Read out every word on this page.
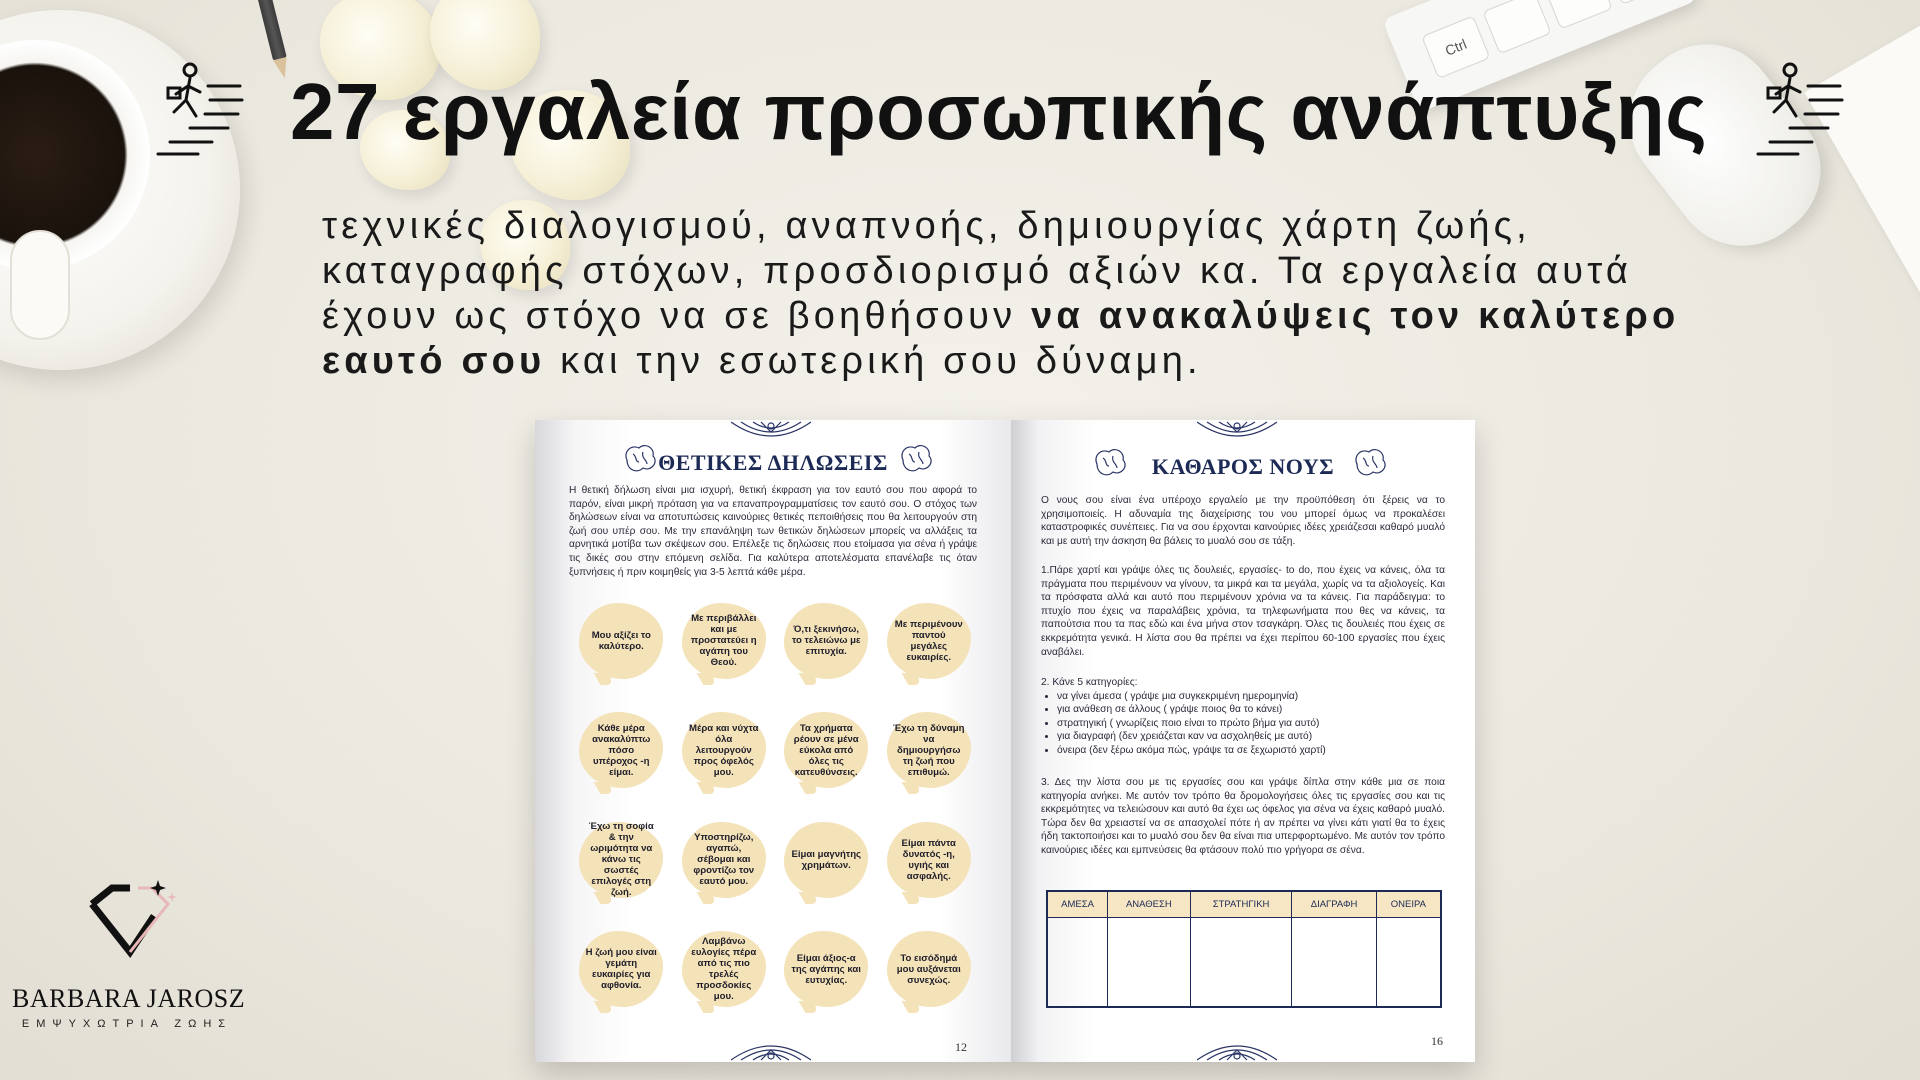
Ctrl
27 εργαλεία προσωπικής ανάπτυξης

τεχνικές διαλογισμού, αναπνοής, δημιουργίας χάρτη ζωής, καταγραφής στόχων, προσδιορισμό αξιών κα. Τα εργαλεία αυτά έχουν ως στόχο να σε βοηθήσουν να ανακαλύψεις τον καλύτερο εαυτό σου και την εσωτερική σου δύναμη.

ΘΕΤΙΚΕΣ ΔΗΛΩΣΕΙΣ
Η θετική δήλωση είναι μια ισχυρή, θετική έκφραση για τον εαυτό σου που αφορά το παρόν, είναι μικρή πρόταση για να επαναπρογραμματίσεις τον εαυτό σου. Ο στόχος των δηλώσεων είναι να αποτυπώσεις καινούριες θετικές πεποιθήσεις που θα λειτουργούν στη ζωή σου υπέρ σου. Με την επανάληψη των θετικών δηλώσεων μπορείς να αλλάξεις τα αρνητικά μοτίβα των σκέψεων σου. Επέλεξε τις δηλώσεις που ετοίμασα για σένα ή γράψε τις δικές σου στην επόμενη σελίδα. Για καλύτερα αποτελέσματα επανέλαβε τις όταν ξυπνήσεις ή πριν κοιμηθείς για 3-5 λεπτά κάθε μέρα.
Μου αξίζει το καλύτερο.
Με περιβάλλει και με προστατεύει η αγάπη του Θεού.
Ό,τι ξεκινήσω, το τελειώνω με επιτυχία.
Με περιμένουν παντού μεγάλες ευκαιρίες.
Κάθε μέρα ανακαλύπτω πόσο υπέροχος -η είμαι.
Μέρα και νύχτα όλα λειτουργούν προς όφελός μου.
Τα χρήματα ρέουν σε μένα εύκολα από όλες τις κατευθύνσεις.
Έχω τη δύναμη να δημιουργήσω τη ζωή που επιθυμώ.
Έχω τη σοφία & την ωριμότητα να κάνω τις σωστές επιλογές στη ζωή.
Υποστηρίζω, αγαπώ, σέβομαι και φροντίζω τον εαυτό μου.
Είμαι μαγνήτης χρημάτων.
Είμαι πάντα δυνατός -η, υγιής και ασφαλής.
Η ζωή μου είναι γεμάτη ευκαιρίες για αφθονία.
Λαμβάνω ευλογίες πέρα από τις πιο τρελές προσδοκίες μου.
Είμαι άξιος-α της αγάπης και ευτυχίας.
Το εισόδημά μου αυξάνεται συνεχώς.
12
ΚΑΘΑΡΟΣ ΝΟΥΣ
Ο νους σου είναι ένα υπέροχο εργαλείο με την προϋπόθεση ότι ξέρεις να το χρησιμοποιείς. Η αδυναμία της διαχείρισης του νου μπορεί όμως να προκαλέσει καταστροφικές συνέπειες. Για να σου έρχονται καινούριες ιδέες χρειάζεσαι καθαρό μυαλό και με αυτή την άσκηση θα βάλεις το μυαλό σου σε τάξη.
1.Πάρε χαρτί και γράψε όλες τις δουλειές, εργασίες- to do, που έχεις να κάνεις, όλα τα πράγματα που περιμένουν να γίνουν, τα μικρά και τα μεγάλα, χωρίς να τα αξιολογείς. Και τα πρόσφατα αλλά και αυτό που περιμένουν χρόνια να τα κάνεις. Για παράδειγμα: το πτυχίο που έχεις να παραλάβεις χρόνια, τα τηλεφωνήματα που θες να κάνεις, τα παπούτσια που τα πας εδώ και ένα μήνα στον τσαγκάρη. Όλες τις δουλειές που έχεις σε εκκρεμότητα γενικά. Η λίστα σου θα πρέπει να έχει περίπου 60-100 εργασίες που έχεις αναβάλει.
2. Κάνε 5 κατηγορίες:
• να γίνει άμεσα ( γράψε μια συγκεκριμένη ημερομηνία)
• για ανάθεση σε άλλους ( γράψε ποιος θα το κάνει)
• στρατηγική ( γνωρίζεις ποιο είναι το πρώτο βήμα για αυτό)
• για διαγραφή (δεν χρειάζεται καν να ασχοληθείς με αυτό)
• όνειρα (δεν ξέρω ακόμα πώς, γράψε τα σε ξεχωριστό χαρτί)
3. Δες την λίστα σου με τις εργασίες σου και γράψε δίπλα στην κάθε μια σε ποια κατηγορία ανήκει. Με αυτόν τον τρόπο θα δρομολογήσεις όλες τις εργασίες σου και τις εκκρεμότητες να τελειώσουν και αυτό θα έχει ως όφελος για σένα να έχεις καθαρό μυαλό. Τώρα δεν θα χρειαστεί να σε απασχολεί πότε ή αν πρέπει να γίνει κάτι γιατί θα το έχεις ήδη τακτοποιήσει και το μυαλό σου δεν θα είναι πια υπερφορτωμένο. Με αυτόν τον τρόπο καινούριες ιδέες και εμπνεύσεις θα φτάσουν πολύ πιο γρήγορα σε σένα.
ΑΜΕΣΑ	ΑΝΑΘΕΣΗ	ΣΤΡΑΤΗΓΙΚΗ	ΔΙΑΓΡΑΦΗ	ΟΝΕΙΡΑ

16
BARBARA JAROSZ
ΕΜΨΥΧΩΤΡΙΑ ΖΩΗΣ
